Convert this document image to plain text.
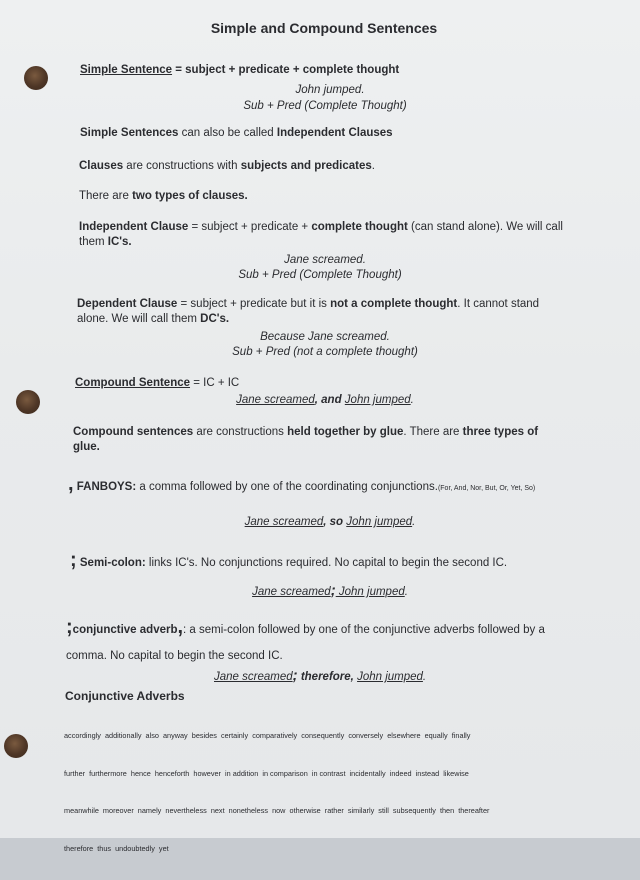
Simple and Compound Sentences
Simple Sentence = subject + predicate + complete thought
John jumped.
Sub + Pred (Complete Thought)
Simple Sentences can also be called Independent Clauses
Clauses are constructions with subjects and predicates.
There are two types of clauses.
Independent Clause = subject + predicate + complete thought (can stand alone). We will call
them IC's.
Jane screamed.
Sub + Pred (Complete Thought)
Dependent Clause = subject + predicate but it is not a complete thought. It cannot stand
alone. We will call them DC's.
Because Jane screamed.
Sub + Pred (not a complete thought)
Compound Sentence = IC + IC
Jane screamed, and John jumped.
Compound sentences are constructions held together by glue. There are three types of
glue.
, FANBOYS: a comma followed by one of the coordinating conjunctions.(For, And, Nor, But, Or, Yet, So)
Jane screamed, so John jumped.
; Semi-colon: links IC's. No conjunctions required. No capital to begin the second IC.
Jane screamed; John jumped.
;conjunctive adverb,: a semi-colon followed by one of the conjunctive adverbs followed by a
comma. No capital to begin the second IC.
Jane screamed; therefore, John jumped.
Conjunctive Adverbs

accordingly  additionally  also  anyway  besides  certainly  comparatively  consequently  conversely  elsewhere  equally  finally

further  furthermore  hence  henceforth  however  in addition  in comparison  in contrast  incidentally  indeed  instead  likewise

meanwhile  moreover  namely  nevertheless  next  nonetheless  now  otherwise  rather  similarly  still  subsequently  then  thereafter

therefore  thus  undoubtedly  yet
